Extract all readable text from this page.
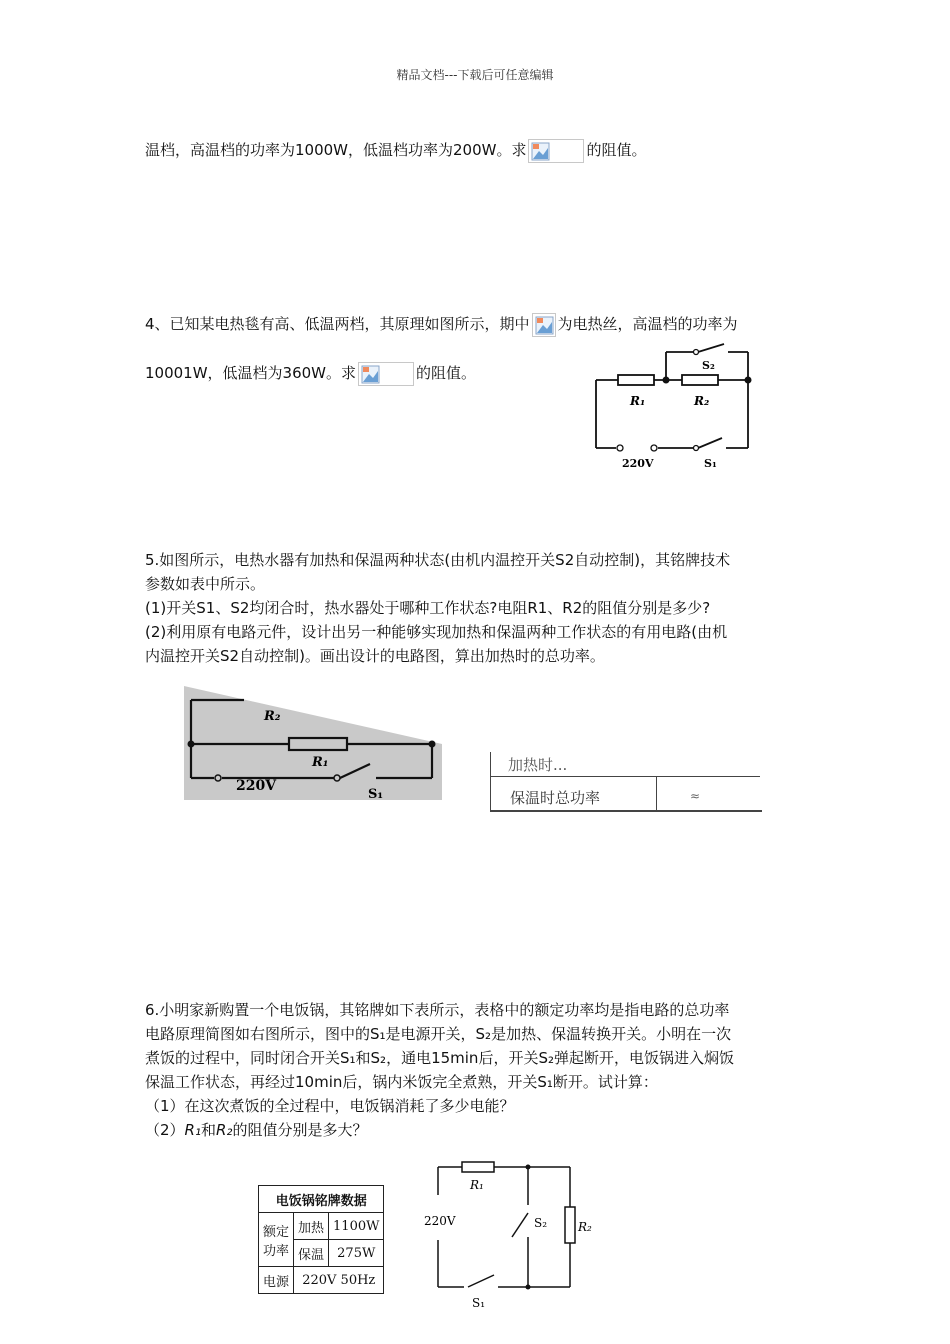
精品文档---下载后可任意编辑
温档，高温档的功率为1000W，低温档功率为200W。求	的阻值。
4、已知某电热毯有高、低温两档，其原理如图所示，期中 为电热丝，高温档的功率为
10001W，低温档为360W。求	的阻值。
R₁	R₂
S₂
220V	S₁
5.如图所示，电热水器有加热和保温两种状态(由机内温控开关S2自动控制)，其铭牌技术
参数如表中所示。
(1)开关S1、S2均闭合时，热水器处于哪种工作状态?电阻R1、R2的阻值分别是多少?
(2)利用原有电路元件，设计出另一种能够实现加热和保温两种工作状态的有用电路(由机
内温控开关S2自动控制)。画出设计的电路图，算出加热时的总功率。
R₂
R₁
220V
S₁
加热时...
保温时总功率	≈
6.小明家新购置一个电饭锅，其铭牌如下表所示，表格中的额定功率均是指电路的总功率
电路原理简图如右图所示，图中的S₁是电源开关，S₂是加热、保温转换开关。小明在一次
煮饭的过程中，同时闭合开关S₁和S₂，通电15min后，开关S₂弹起断开，电饭锅进入焖饭
保温工作状态，再经过10min后，锅内米饭完全煮熟，开关S₁断开。试计算：
（1）在这次煮饭的全过程中，电饭锅消耗了多少电能？
（2）R₁和R₂的阻值分别是多大？
电饭锅铭牌数据		

额定
功率	加热	1100W
	保温	275W
电源	220V 50Hz	
R₁
R₂
S₂
220V
S₁
